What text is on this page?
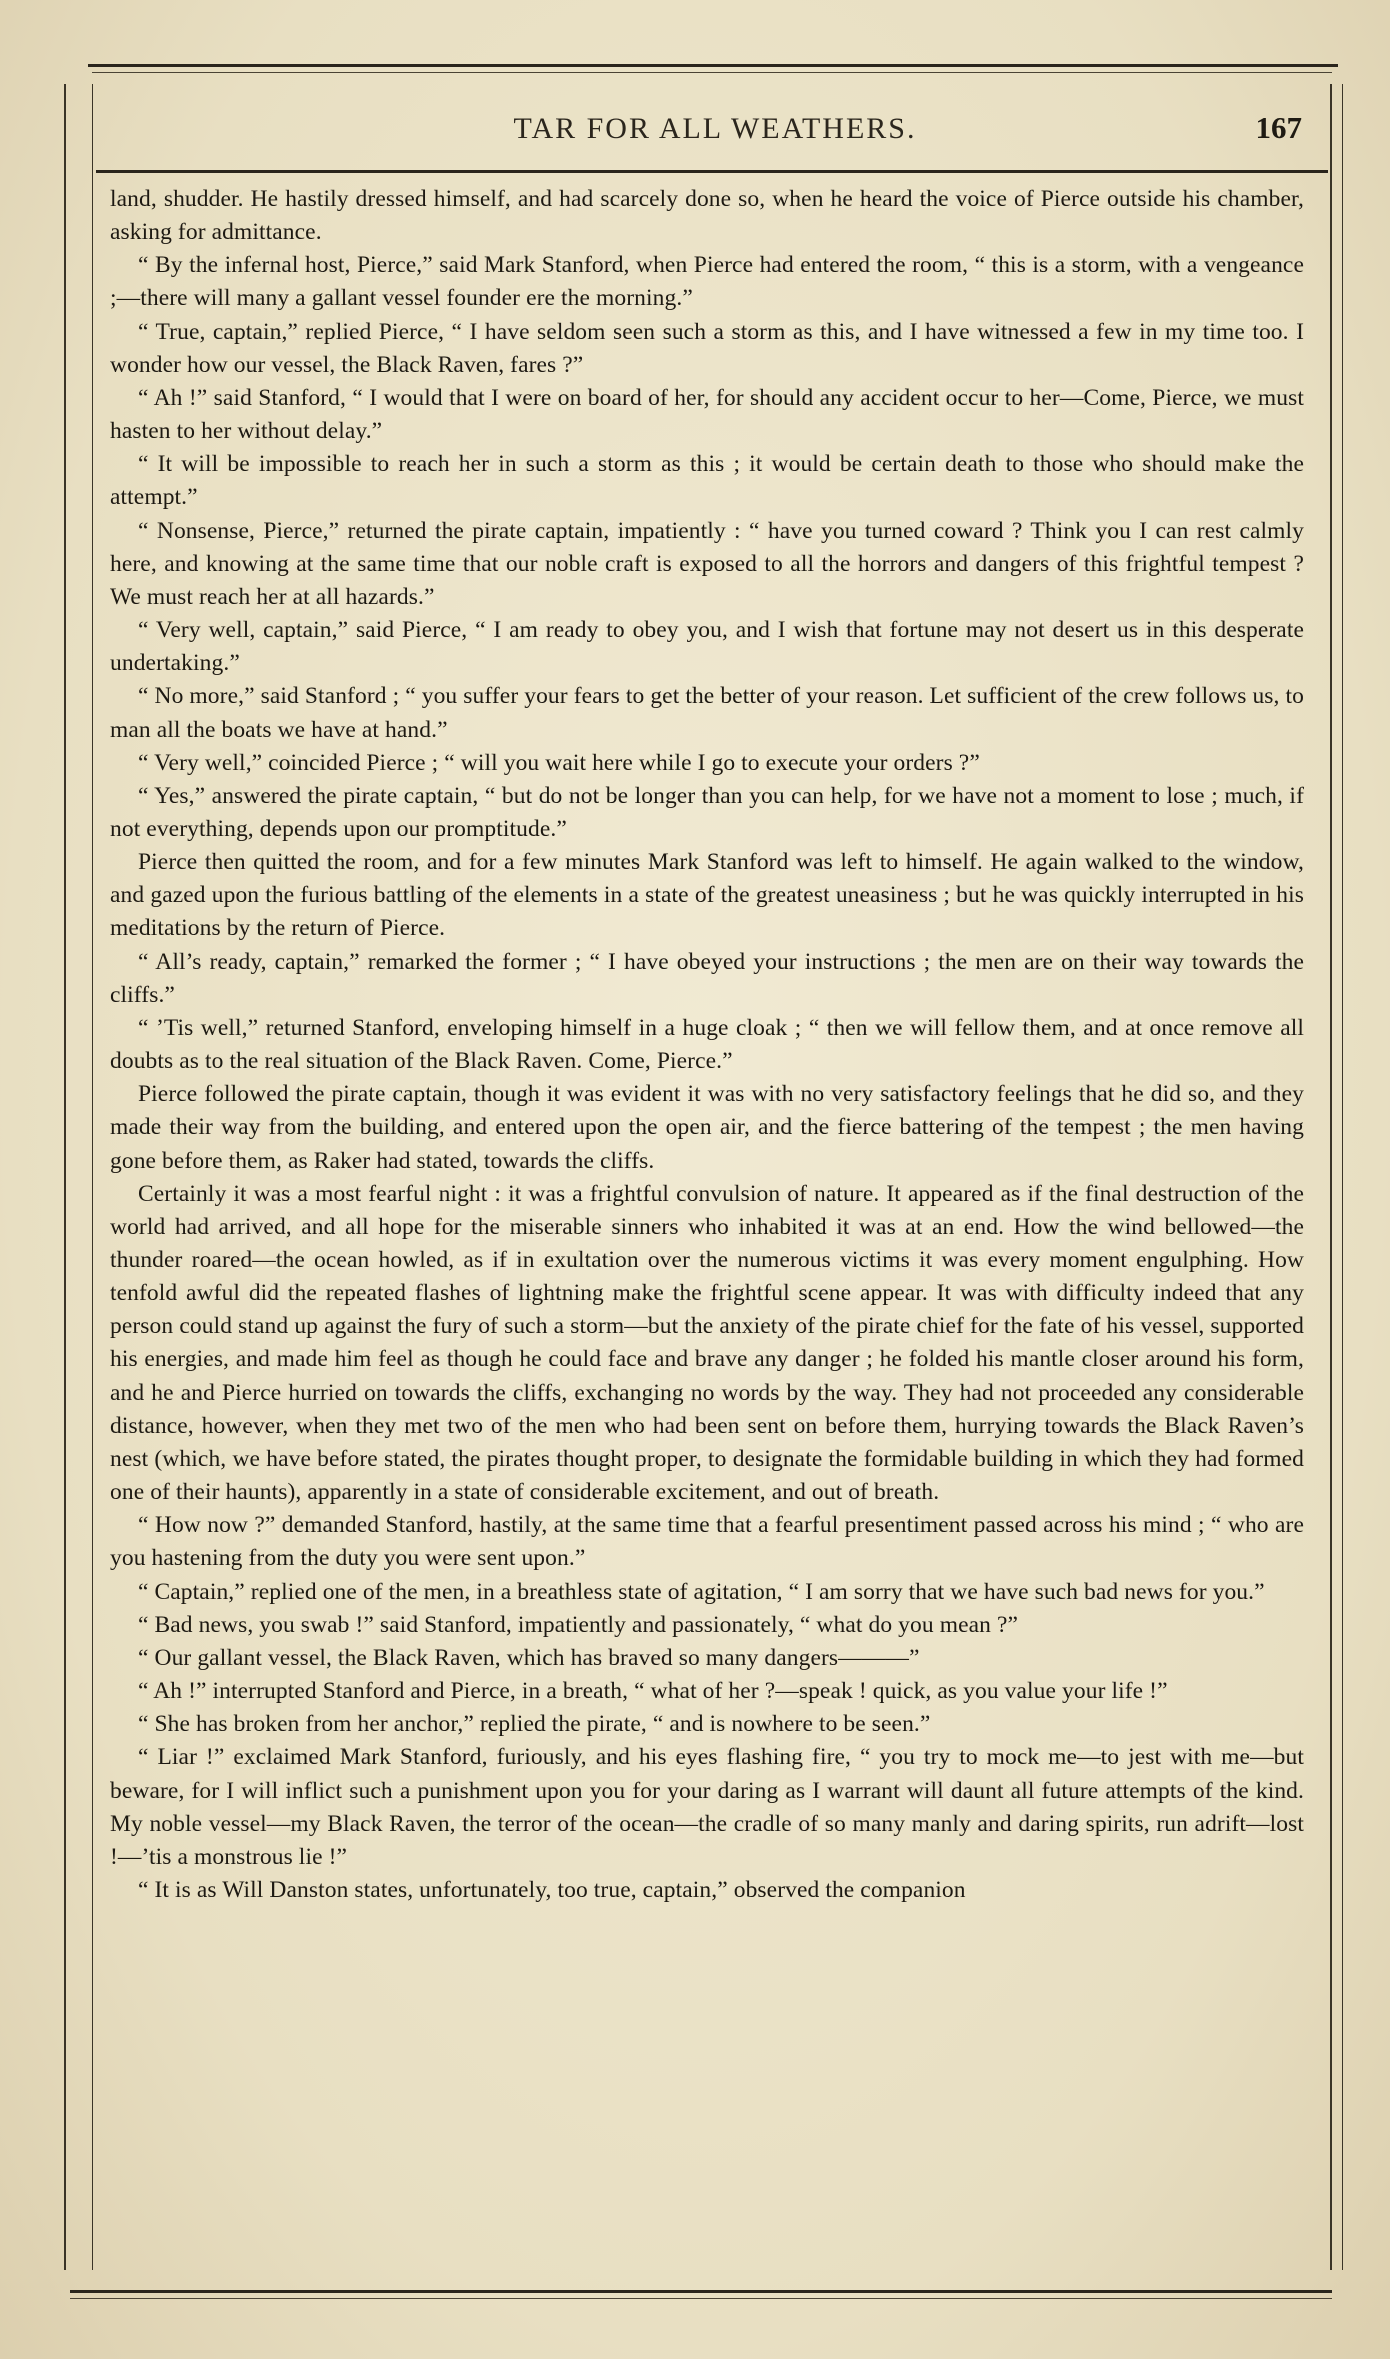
TAR FOR ALL WEATHERS.	167

land, shudder. He hastily dressed himself, and had scarcely done so, when he heard the voice of Pierce outside his chamber, asking for admittance.

“ By the infernal host, Pierce,” said Mark Stanford, when Pierce had entered the room, “ this is a storm, with a vengeance ;—there will many a gallant vessel founder ere the morning.”

“ True, captain,” replied Pierce, “ I have seldom seen such a storm as this, and I have witnessed a few in my time too. I wonder how our vessel, the Black Raven, fares ?”

“ Ah !” said Stanford, “ I would that I were on board of her, for should any accident occur to her—Come, Pierce, we must hasten to her without delay.”

“ It will be impossible to reach her in such a storm as this ; it would be certain death to those who should make the attempt.”

“ Nonsense, Pierce,” returned the pirate captain, impatiently : “ have you turned coward ? Think you I can rest calmly here, and knowing at the same time that our noble craft is exposed to all the horrors and dangers of this frightful tempest ? We must reach her at all hazards.”

“ Very well, captain,” said Pierce, “ I am ready to obey you, and I wish that fortune may not desert us in this desperate undertaking.”

“ No more,” said Stanford ; “ you suffer your fears to get the better of your reason. Let sufficient of the crew follows us, to man all the boats we have at hand.”

“ Very well,” coincided Pierce ; “ will you wait here while I go to execute your orders ?”

“ Yes,” answered the pirate captain, “ but do not be longer than you can help, for we have not a moment to lose ; much, if not everything, depends upon our promptitude.”

Pierce then quitted the room, and for a few minutes Mark Stanford was left to himself. He again walked to the window, and gazed upon the furious battling of the elements in a state of the greatest uneasiness ; but he was quickly interrupted in his meditations by the return of Pierce.

“ All’s ready, captain,” remarked the former ; “ I have obeyed your instructions ; the men are on their way towards the cliffs.”

“ ’Tis well,” returned Stanford, enveloping himself in a huge cloak ; “ then we will fellow them, and at once remove all doubts as to the real situation of the Black Raven. Come, Pierce.”

Pierce followed the pirate captain, though it was evident it was with no very satisfactory feelings that he did so, and they made their way from the building, and entered upon the open air, and the fierce battering of the tempest ; the men having gone before them, as Raker had stated, towards the cliffs.

Certainly it was a most fearful night : it was a frightful convulsion of nature. It appeared as if the final destruction of the world had arrived, and all hope for the miserable sinners who inhabited it was at an end. How the wind bellowed—the thunder roared—the ocean howled, as if in exultation over the numerous victims it was every moment engulphing. How tenfold awful did the repeated flashes of lightning make the frightful scene appear. It was with difficulty indeed that any person could stand up against the fury of such a storm—but the anxiety of the pirate chief for the fate of his vessel, supported his energies, and made him feel as though he could face and brave any danger ; he folded his mantle closer around his form, and he and Pierce hurried on towards the cliffs, exchanging no words by the way. They had not proceeded any considerable distance, however, when they met two of the men who had been sent on before them, hurrying towards the Black Raven’s nest (which, we have before stated, the pirates thought proper, to designate the formidable building in which they had formed one of their haunts), apparently in a state of considerable excitement, and out of breath.

“ How now ?” demanded Stanford, hastily, at the same time that a fearful presentiment passed across his mind ; “ who are you hastening from the duty you were sent upon.”

“ Captain,” replied one of the men, in a breathless state of agitation, “ I am sorry that we have such bad news for you.”

“ Bad news, you swab !” said Stanford, impatiently and passionately, “ what do you mean ?”

“ Our gallant vessel, the Black Raven, which has braved so many dangers———”

“ Ah !” interrupted Stanford and Pierce, in a breath, “ what of her ?—speak ! quick, as you value your life !”

“ She has broken from her anchor,” replied the pirate, “ and is nowhere to be seen.”

“ Liar !” exclaimed Mark Stanford, furiously, and his eyes flashing fire, “ you try to mock me—to jest with me—but beware, for I will inflict such a punishment upon you for your daring as I warrant will daunt all future attempts of the kind. My noble vessel—my Black Raven, the terror of the ocean—the cradle of so many manly and daring spirits, run adrift—lost !—’tis a monstrous lie !”

“ It is as Will Danston states, unfortunately, too true, captain,” observed the companion
